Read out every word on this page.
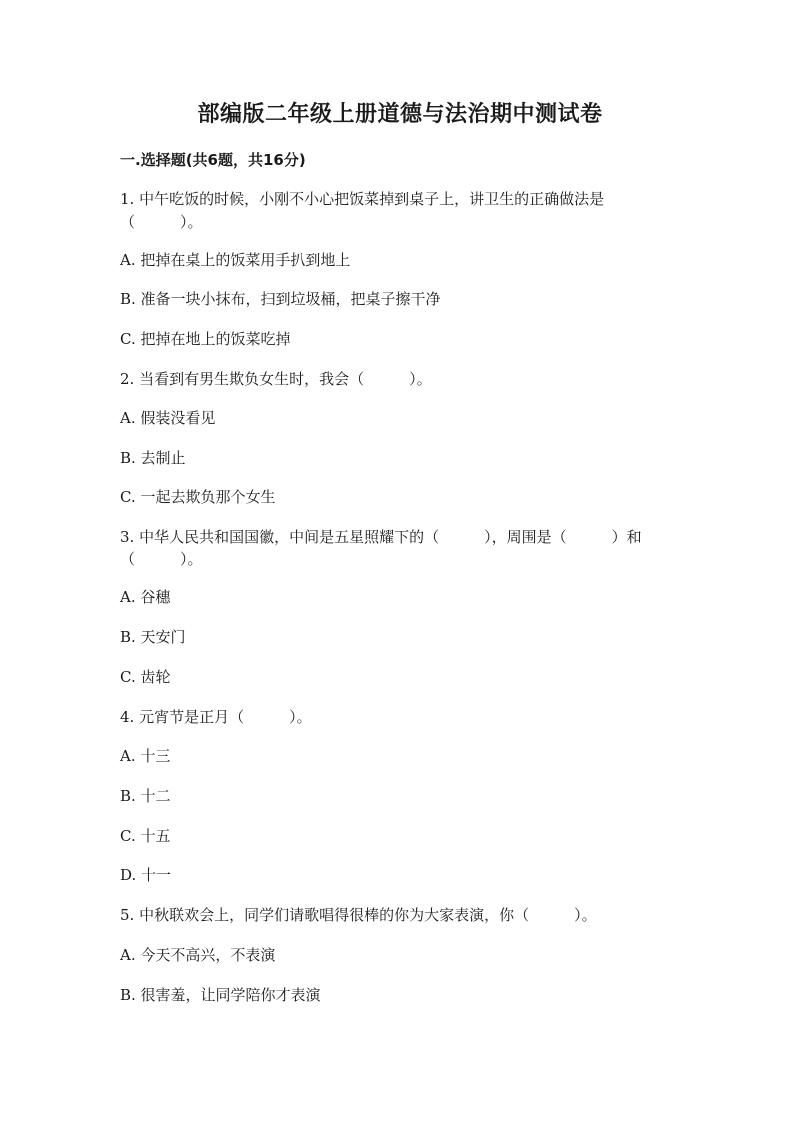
部编版二年级上册道德与法治期中测试卷
一.选择题(共6题，共16分)
1. 中午吃饭的时候，小刚不小心把饭菜掉到桌子上，讲卫生的正确做法是
（　　　）。
A. 把掉在桌上的饭菜用手扒到地上
B. 准备一块小抹布，扫到垃圾桶，把桌子擦干净
C. 把掉在地上的饭菜吃掉
2. 当看到有男生欺负女生时，我会（　　　）。
A. 假装没看见
B. 去制止
C. 一起去欺负那个女生
3. 中华人民共和国国徽，中间是五星照耀下的（　　　），周围是（　　　）和
（　　　）。
A. 谷穗
B. 天安门
C. 齿轮
4. 元宵节是正月（　　　）。
A. 十三
B. 十二
C. 十五
D. 十一
5. 中秋联欢会上，同学们请歌唱得很棒的你为大家表演，你（　　　）。
A. 今天不高兴，不表演
B. 很害羞，让同学陪你才表演
